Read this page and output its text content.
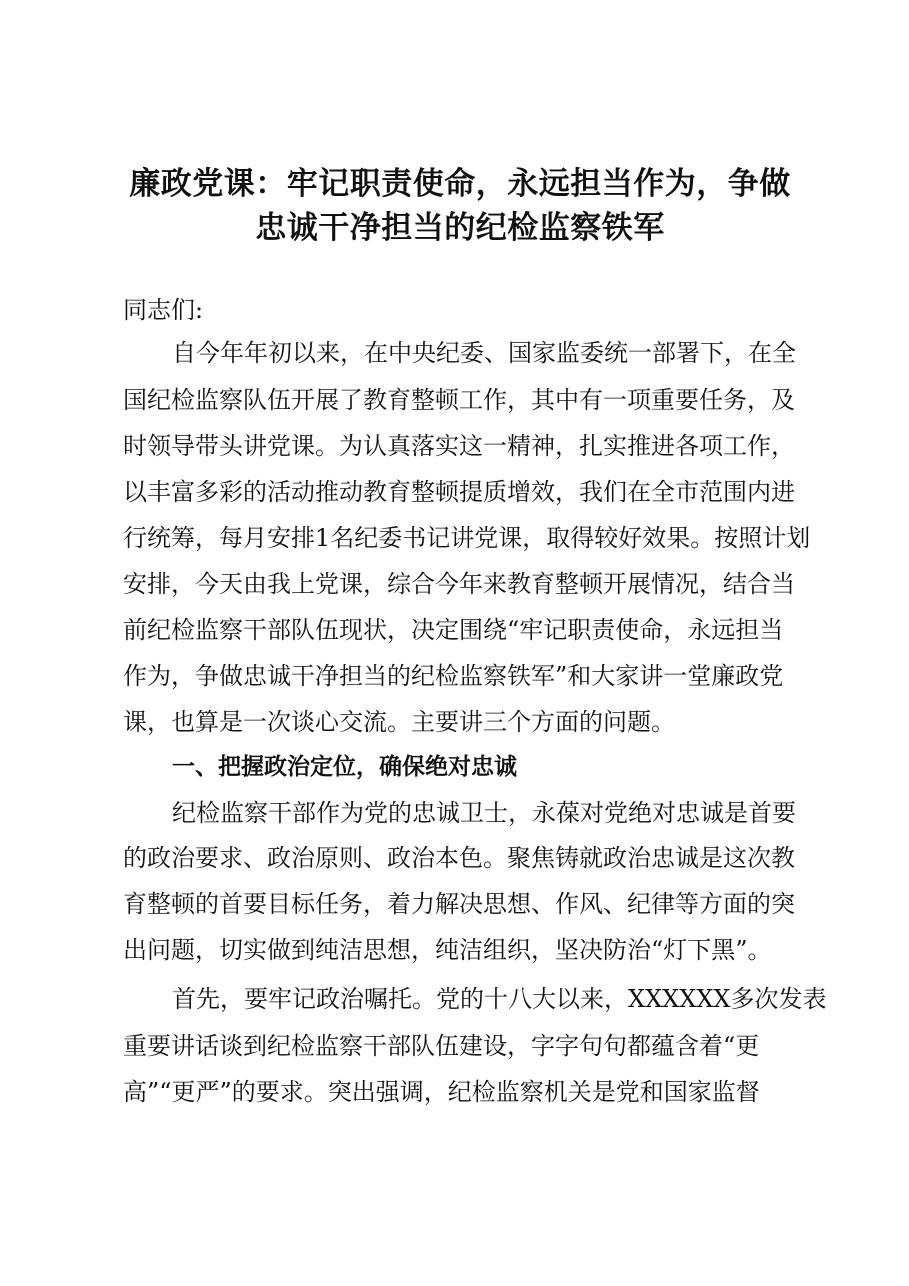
廉政党课：牢记职责使命，永远担当作为，争做
忠诚干净担当的纪检监察铁军
同志们:
自今年年初以来，在中央纪委、国家监委统一部署下，在全
国纪检监察队伍开展了教育整顿工作，其中有一项重要任务，及
时领导带头讲党课。为认真落实这一精神，扎实推进各项工作，
以丰富多彩的活动推动教育整顿提质增效，我们在全市范围内进
行统筹，每月安排1名纪委书记讲党课，取得较好效果。按照计划
安排，今天由我上党课，综合今年来教育整顿开展情况，结合当
前纪检监察干部队伍现状，决定围绕“牢记职责使命，永远担当
作为，争做忠诚干净担当的纪检监察铁军”和大家讲一堂廉政党
课，也算是一次谈心交流。主要讲三个方面的问题。
一、把握政治定位，确保绝对忠诚
纪检监察干部作为党的忠诚卫士，永葆对党绝对忠诚是首要
的政治要求、政治原则、政治本色。聚焦铸就政治忠诚是这次教
育整顿的首要目标任务，着力解决思想、作风、纪律等方面的突
出问题，切实做到纯洁思想，纯洁组织，坚决防治“灯下黑”。
首先，要牢记政治嘱托。党的十八大以来，XXXXXX多次发表
重要讲话谈到纪检监察干部队伍建设，字字句句都蕴含着“更
高”“更严”的要求。突出强调，纪检监察机关是党和国家监督
